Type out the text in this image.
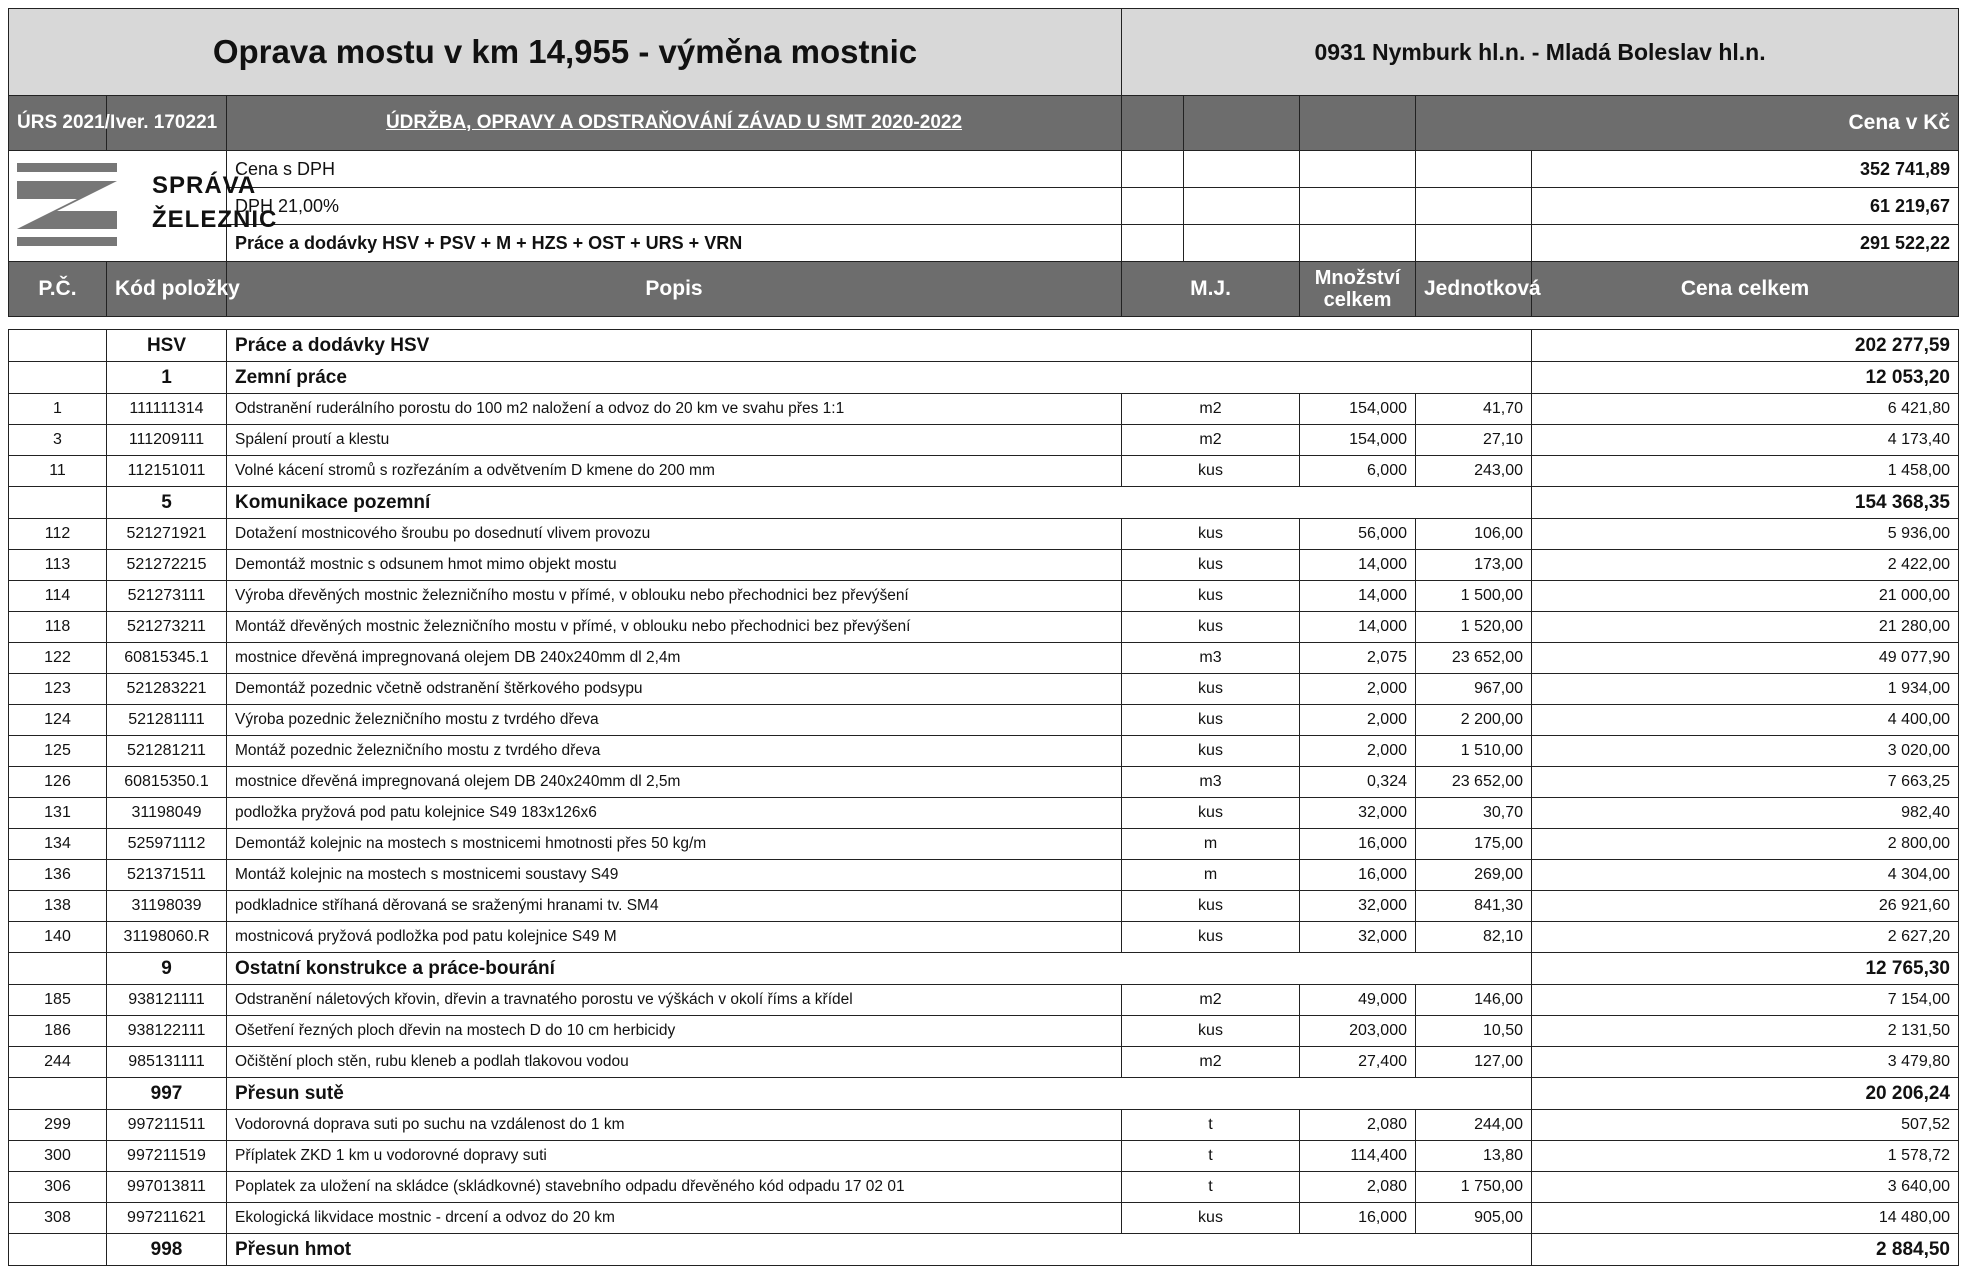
Oprava mostu v km 14,955 - výměna mostnic			0931 Nymburk hl.n. - Mladá Boleslav hl.n.				
ÚRS 2021/I	ver. 170221	ÚDRŽBA, OPRAVY A ODSTRAŇOVÁNÍ ZÁVAD U SMT 2020-2022				Cena v Kč	

SPRÁVA
ŽELEZNIC		Cena s DPH					352 741,89
		DPH 21,00%					61 219,67
		Práce a dodávky HSV + PSV + M + HZS + OST + URS + VRN					291 522,22
P.Č.	Kód položky	Popis	M.J.		Množství celkem	Jednotková	Cena celkem
	HSV	Práce a dodávky HSV				202 277,59
	1	Zemní práce				12 053,20
1	111111314	Odstranění ruderálního porostu do 100 m2 naložení a odvoz do 20 km ve svahu přes 1:1	m2	154,000	41,70	6 421,80
3	111209111	Spálení proutí a klestu	m2	154,000	27,10	4 173,40
11	112151011	Volné kácení stromů s rozřezáním a odvětvením D kmene do 200 mm	kus	6,000	243,00	1 458,00
	5	Komunikace pozemní				154 368,35
112	521271921	Dotažení mostnicového šroubu po dosednutí vlivem provozu	kus	56,000	106,00	5 936,00
113	521272215	Demontáž mostnic s odsunem hmot mimo objekt mostu	kus	14,000	173,00	2 422,00
114	521273111	Výroba dřevěných mostnic železničního mostu v přímé, v oblouku nebo přechodnici bez převýšení	kus	14,000	1 500,00	21 000,00
118	521273211	Montáž dřevěných mostnic železničního mostu v přímé, v oblouku nebo přechodnici bez převýšení	kus	14,000	1 520,00	21 280,00
122	60815345.1	mostnice dřevěná impregnovaná olejem DB 240x240mm dl 2,4m	m3	2,075	23 652,00	49 077,90
123	521283221	Demontáž pozednic včetně odstranění štěrkového podsypu	kus	2,000	967,00	1 934,00
124	521281111	Výroba pozednic železničního mostu z tvrdého dřeva	kus	2,000	2 200,00	4 400,00
125	521281211	Montáž pozednic železničního mostu z tvrdého dřeva	kus	2,000	1 510,00	3 020,00
126	60815350.1	mostnice dřevěná impregnovaná olejem DB 240x240mm dl 2,5m	m3	0,324	23 652,00	7 663,25
131	31198049	podložka pryžová pod patu kolejnice S49 183x126x6	kus	32,000	30,70	982,40
134	525971112	Demontáž kolejnic na mostech s mostnicemi hmotnosti přes 50 kg/m	m	16,000	175,00	2 800,00
136	521371511	Montáž kolejnic na mostech s mostnicemi soustavy S49	m	16,000	269,00	4 304,00
138	31198039	podkladnice stříhaná děrovaná se sraženými hranami tv. SM4	kus	32,000	841,30	26 921,60
140	31198060.R	mostnicová pryžová podložka pod patu kolejnice S49 M	kus	32,000	82,10	2 627,20
	9	Ostatní konstrukce a práce-bourání				12 765,30
185	938121111	Odstranění náletových křovin, dřevin a travnatého porostu ve výškách v okolí říms a křídel	m2	49,000	146,00	7 154,00
186	938122111	Ošetření řezných ploch dřevin na mostech D do 10 cm herbicidy	kus	203,000	10,50	2 131,50
244	985131111	Očištění ploch stěn, rubu kleneb a podlah tlakovou vodou	m2	27,400	127,00	3 479,80
	997	Přesun sutě				20 206,24
299	997211511	Vodorovná doprava suti po suchu na vzdálenost do 1 km	t	2,080	244,00	507,52
300	997211519	Příplatek ZKD 1 km u vodorovné dopravy suti	t	114,400	13,80	1 578,72
306	997013811	Poplatek za uložení na skládce (skládkovné) stavebního odpadu dřevěného kód odpadu 17 02 01	t	2,080	1 750,00	3 640,00
308	997211621	Ekologická likvidace mostnic - drcení a odvoz do 20 km	kus	16,000	905,00	14 480,00
	998	Přesun hmot				2 884,50
